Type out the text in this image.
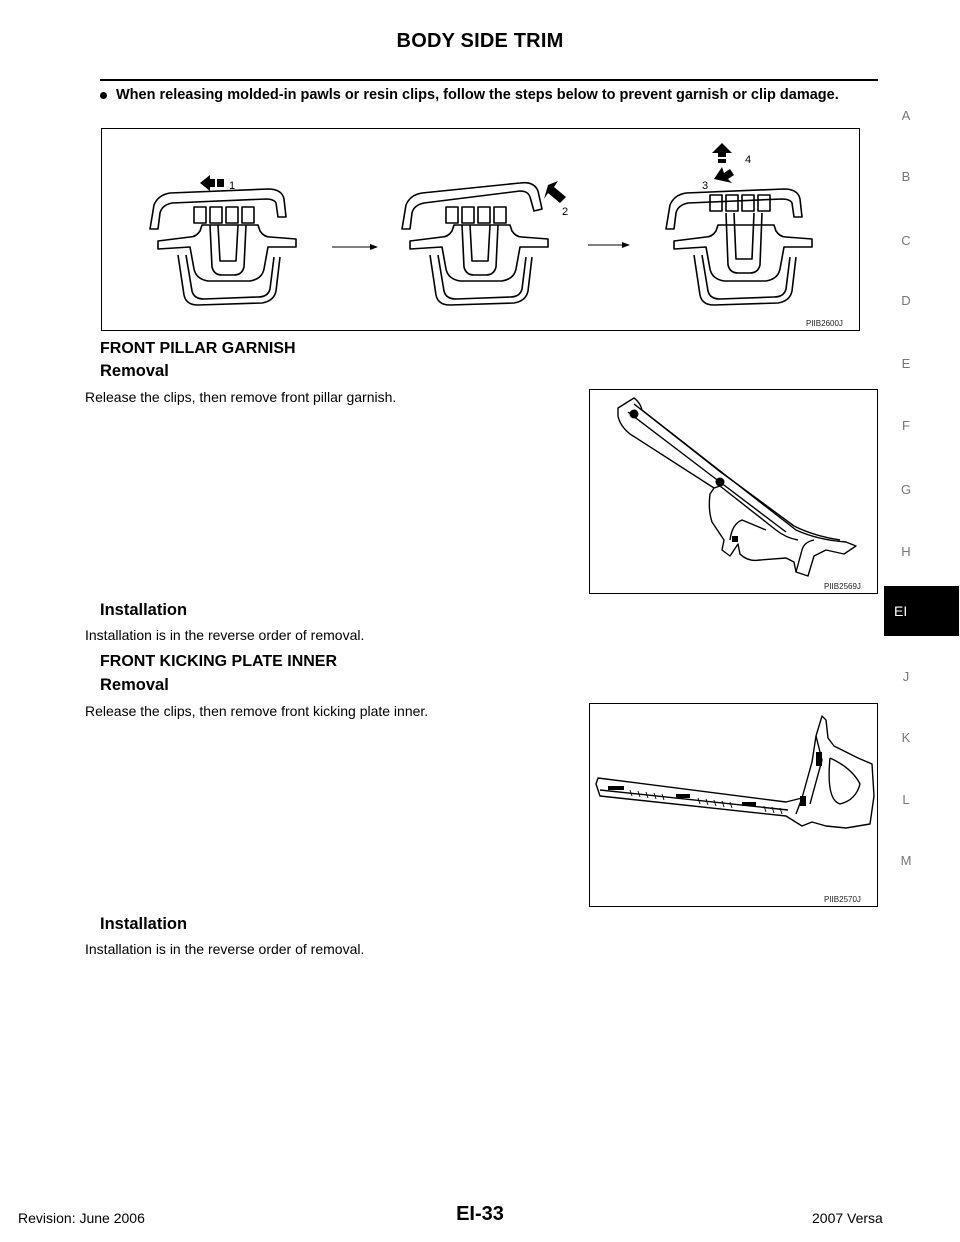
BODY SIDE TRIM
When releasing molded-in pawls or resin clips, follow the steps below to prevent garnish or clip damage.
1
2
3
4
PIIB2600J
FRONT PILLAR GARNISH
Removal

Release the clips, then remove front pillar garnish.

PIIB2569J
Installation

Installation is in the reverse order of removal.

FRONT KICKING PLATE INNER
Removal

Release the clips, then remove front kicking plate inner.

PIIB2570J
Installation

Installation is in the reverse order of removal.

A
B
C
D
E
F
G
H
EI
J
K
L
M
Revision: June 2006	EI-33	2007 Versa
